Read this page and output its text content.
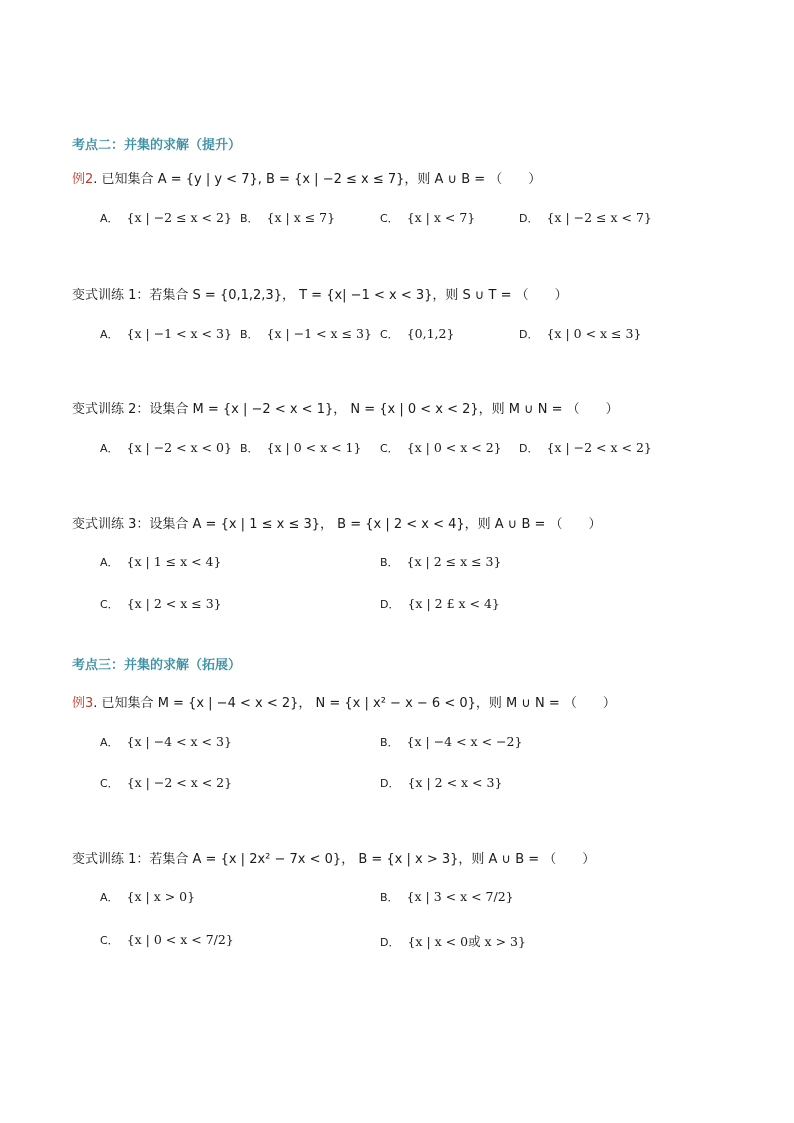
考点二：并集的求解（提升）
例2. 已知集合 A = {y | y < 7}, B = {x | −2 ≤ x ≤ 7}，则 A ∪ B = （　　）
A． {x | −2 ≤ x < 2} B． {x | x ≤ 7}	C． {x | x < 7}	D． {x | −2 ≤ x < 7}
变式训练 1：若集合 S = {0,1,2,3}， T = {x| −1 < x < 3}，则 S ∪ T = （　　）
A． {x | −1 < x < 3} B． {x | −1 < x ≤ 3} C． {0,1,2}	D． {x | 0 < x ≤ 3}
变式训练 2：设集合 M = {x | −2 < x < 1}， N = {x | 0 < x < 2}，则 M ∪ N = （　　）
A． {x | −2 < x < 0} B． {x | 0 < x < 1} C． {x | 0 < x < 2} D． {x | −2 < x < 2}
变式训练 3：设集合 A = {x | 1 ≤ x ≤ 3}， B = {x | 2 < x < 4}，则 A ∪ B = （　　）
A． {x | 1 ≤ x < 4}	B． {x | 2 ≤ x ≤ 3}
C． {x | 2 < x ≤ 3}	D． {x | 2 £ x < 4}
考点三：并集的求解（拓展）
例3. 已知集合 M = {x | −4 < x < 2}， N = {x | x² − x − 6 < 0}，则 M ∪ N = （　　）
A． {x | −4 < x < 3}	B． {x | −4 < x < −2}
C． {x | −2 < x < 2}	D． {x | 2 < x < 3}
变式训练 1：若集合 A = {x | 2x² − 7x < 0}， B = {x | x > 3}，则 A ∪ B = （　　）
A． {x | x > 0}	B． {x | 3 < x < 7/2}
C． {x | 0 < x < 7/2}	D． {x | x < 0或 x > 3}
